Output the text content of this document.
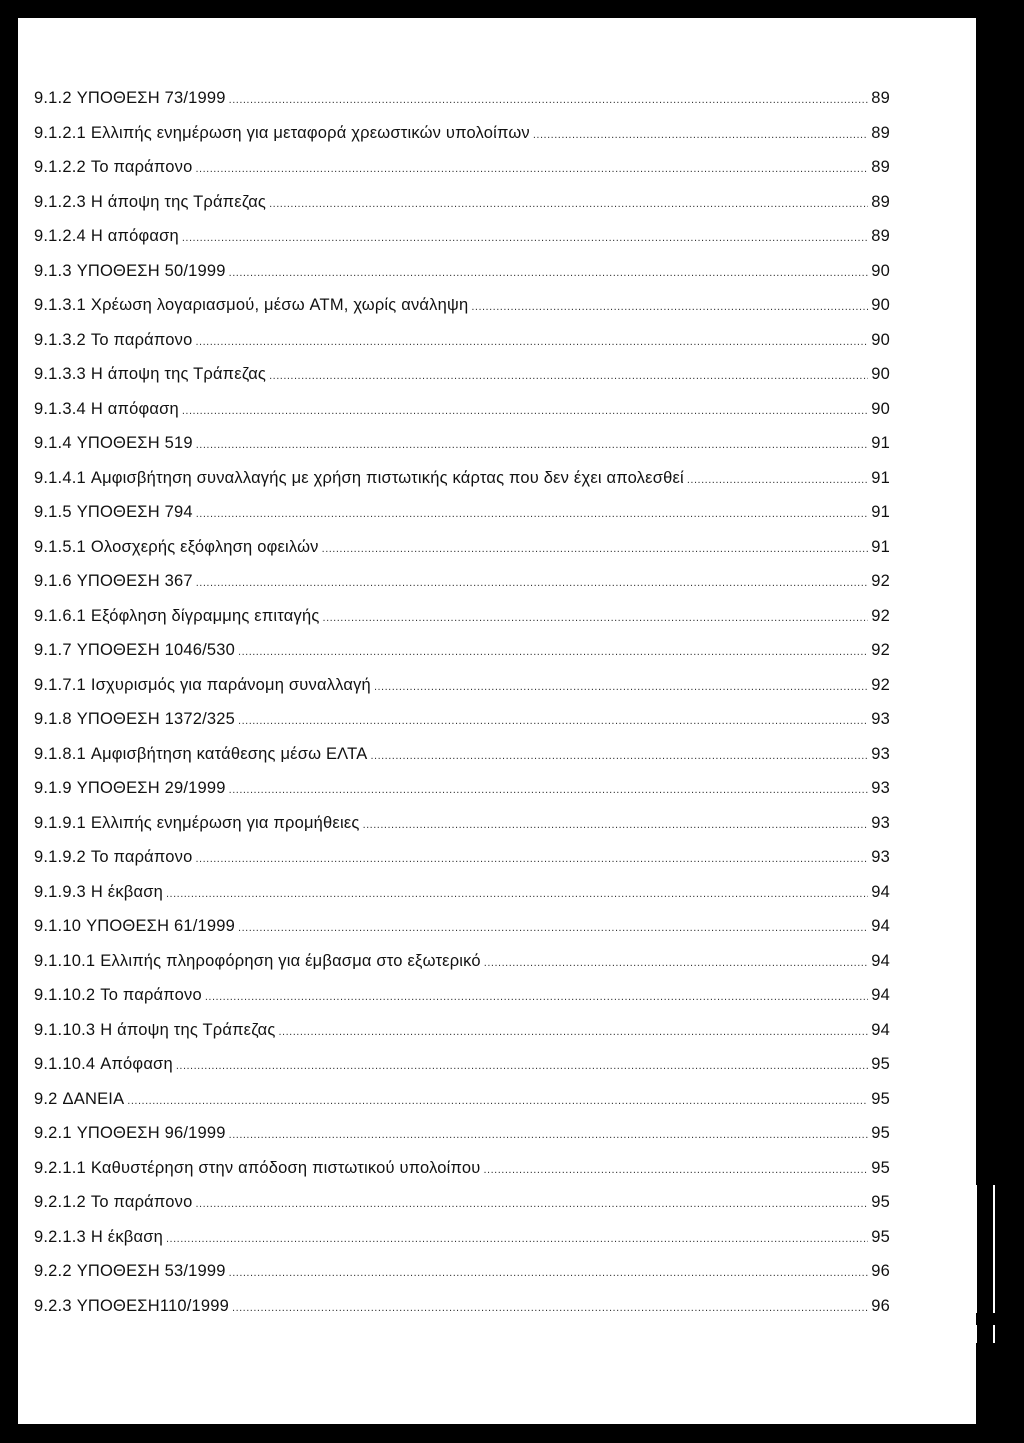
9.1.2 ΥΠΟΘΕΣΗ 73/1999 .....	89
9.1.2.1 Ελλιπής ενημέρωση για μεταφορά χρεωστικών υπολοίπων .....	89
9.1.2.2 Το παράπονο .....	89
9.1.2.3 Η άποψη της Τράπεζας .....	89
9.1.2.4 Η απόφαση .....	89
9.1.3 ΥΠΟΘΕΣΗ 50/1999 .....	90
9.1.3.1 Χρέωση λογαριασμού, μέσω ATM, χωρίς ανάληψη .....	90
9.1.3.2 Το παράπονο .....	90
9.1.3.3 Η άποψη της Τράπεζας .....	90
9.1.3.4 Η απόφαση .....	90
9.1.4 ΥΠΟΘΕΣΗ 519 .....	91
9.1.4.1 Αμφισβήτηση συναλλαγής με χρήση πιστωτικής κάρτας που δεν έχει απολεσθεί .....	91
9.1.5 ΥΠΟΘΕΣΗ 794 .....	91
9.1.5.1 Ολοσχερής εξόφληση οφειλών .....	91
9.1.6 ΥΠΟΘΕΣΗ 367 .....	92
9.1.6.1 Εξόφληση δίγραμμης επιταγής .....	92
9.1.7 ΥΠΟΘΕΣΗ 1046/530 .....	92
9.1.7.1 Ισχυρισμός για παράνομη συναλλαγή .....	92
9.1.8 ΥΠΟΘΕΣΗ 1372/325 .....	93
9.1.8.1 Αμφισβήτηση κατάθεσης μέσω ΕΛΤΑ .....	93
9.1.9 ΥΠΟΘΕΣΗ 29/1999 .....	93
9.1.9.1 Ελλιπής ενημέρωση για προμήθειες .....	93
9.1.9.2 Το παράπονο .....	93
9.1.9.3 Η έκβαση .....	94
9.1.10 ΥΠΟΘΕΣΗ 61/1999 .....	94
9.1.10.1 Ελλιπής πληροφόρηση για έμβασμα στο εξωτερικό .....	94
9.1.10.2 Το παράπονο .....	94
9.1.10.3 Η άποψη της Τράπεζας .....	94
9.1.10.4 Απόφαση .....	95
9.2 ΔΑΝΕΙΑ .....	95
9.2.1 ΥΠΟΘΕΣΗ 96/1999 .....	95
9.2.1.1 Καθυστέρηση στην απόδοση πιστωτικού υπολοίπου .....	95
9.2.1.2 Το παράπονο .....	95
9.2.1.3 Η έκβαση .....	95
9.2.2 ΥΠΟΘΕΣΗ 53/1999 .....	96
9.2.3 ΥΠΟΘΕΣΗ110/1999 .....	96
